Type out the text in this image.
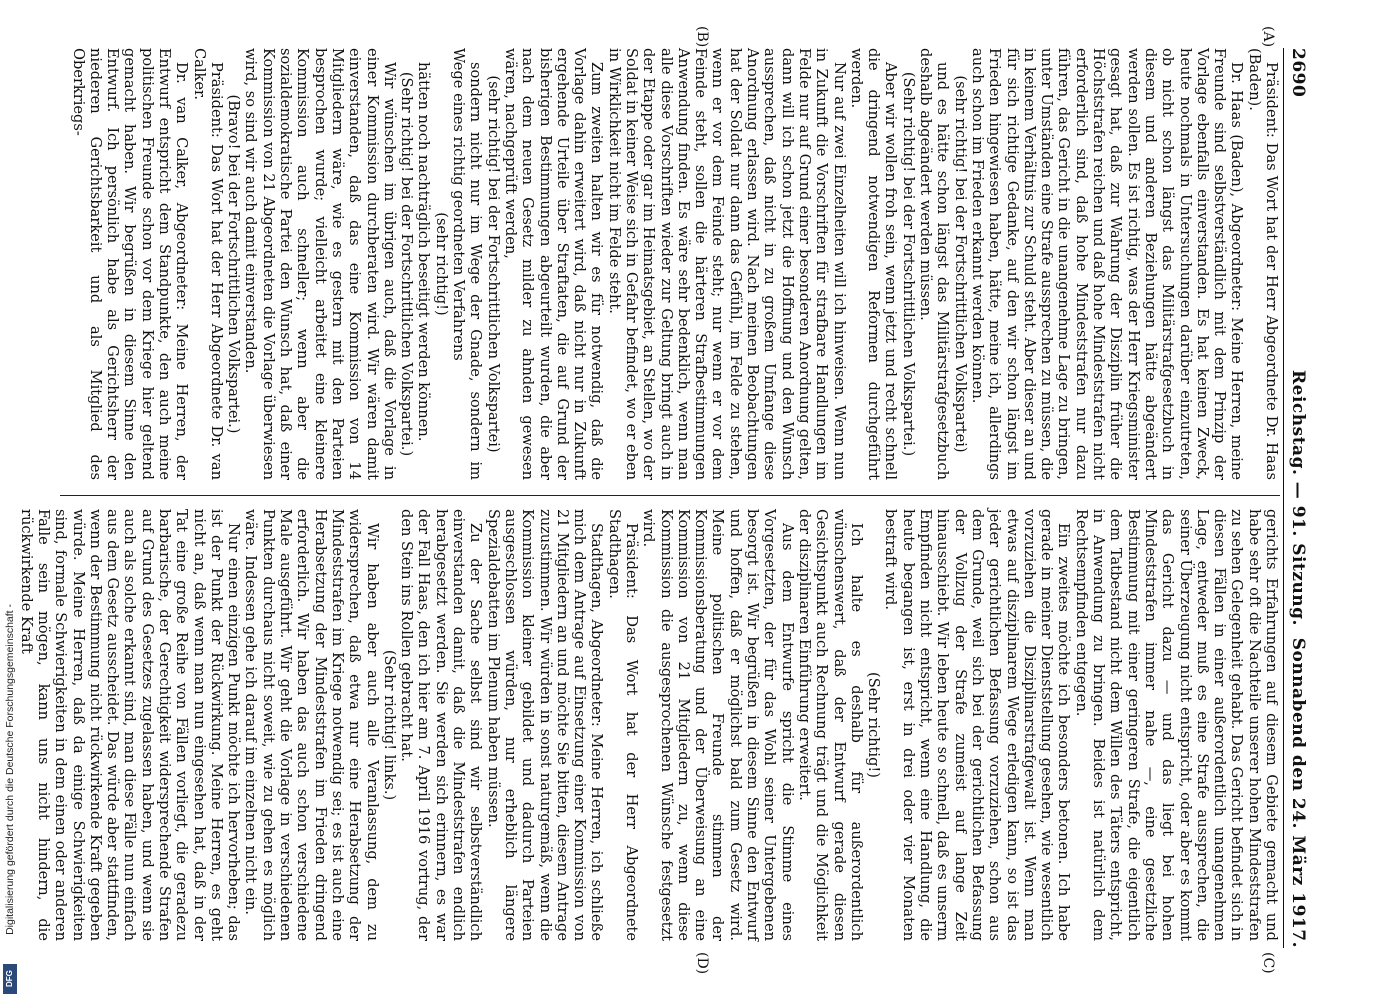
2690
Reichstag. — 91. Sitzung.
Sonnabend den 24. März 1917.

Präsident: Das Wort hat der Herr Abgeordnete Dr. Haas (Baden).

Dr. Haas (Baden), Abgeordneter: Meine Herren, meine Freunde sind selbstverständlich mit dem Prinzip der Vorlage ebenfalls einverstanden. Es hat keinen Zweck, heute nochmals in Untersuchungen darüber einzutreten, ob nicht schon längst das Militärstrafgesetzbuch in diesem und anderen Beziehungen hätte abgeändert werden sollen. Es ist richtig, was der Herr Kriegsminister gesagt hat, daß zur Wahrung der Disziplin früher die Höchststrafen reichen und daß hohe Mindeststrafen nicht erforderlich sind, daß hohe Mindeststrafen nur dazu führen, das Gericht in die unangenehme Lage zu bringen, unter Umständen eine Strafe aussprechen zu müssen, die in keinem Verhältnis zur Schuld steht. Aber dieser an und für sich richtige Gedanke, auf den wir schon längst im Frieden hingewiesen haben, hätte, meine ich, allerdings auch schon im Frieden erkannt werden können.

(sehr richtig! bei der Fortschrittlichen Volkspartei)

und es hätte schon längst das Militärstrafgesetzbuch deshalb abgeändert werden müssen.

(Sehr richtig! bei der Fortschrittlichen Volkspartei.)

Aber wir wollen froh sein, wenn jetzt und recht schnell die dringend notwendigen Reformen durchgeführt werden.

Nur auf zwei Einzelheiten will ich hinweisen. Wenn nun in Zukunft die Vorschriften für strafbare Handlungen im Felde nur auf Grund einer besonderen Anordnung gelten, dann will ich schon jetzt die Hoffnung und den Wunsch aussprechen, daß nicht in zu großem Umfange diese Anordnung erlassen wird. Nach meinen Beobachtungen hat der Soldat nur dann das Gefühl, im Felde zu stehen, wenn er vor dem Feinde steht; nur wenn er vor dem Feinde steht, sollen die härteren Strafbestimmungen Anwendung finden. Es wäre sehr bedenklich, wenn man alle diese Vorschriften wieder zur Geltung bringt auch in der Etappe oder gar im Heimatsgebiet, an Stellen, wo der Soldat in keiner Weise sich in Gefahr befindet, wo er eben in Wirklichkeit nicht im Felde steht.

Zum zweiten halten wir es für notwendig, daß die Vorlage dahin erweitert wird, daß nicht nur in Zukunft ergehende Urteile über Straftaten, die auf Grund der bisherigen Bestimmungen abgeurteilt wurden, die aber nach dem neuen Gesetz milder zu ahnden gewesen wären, nachgeprüft werden,

(sehr richtig! bei der Fortschrittlichen Volkspartei)

sondern nicht nur im Wege der Gnade, sondern im Wege eines richtig geordneten Verfahrens

(sehr richtig!)

hätten noch nachträglich beseitigt werden können.

(Sehr richtig! bei der Fortschrittlichen Volkspartei.)

Wir wünschen im übrigen auch, daß die Vorlage in einer Kommission durchberaten wird. Wir wären damit einverstanden, daß das eine Kommission von 14 Mitgliedern wäre, wie es gestern mit den Parteien besprochen wurde; vielleicht arbeitet eine kleinere Kommission auch schneller; wenn aber die sozialdemokratische Partei den Wunsch hat, daß einer Kommission von 21 Abgeordneten die Vorlage überwiesen wird, so sind wir auch damit einverstanden.

(Bravo! bei der Fortschrittlichen Volkspartei.)

Präsident: Das Wort hat der Herr Abgeordnete Dr. van Calker.

Dr. van Calker, Abgeordneter: Meine Herren, der Entwurf entspricht dem Standpunkte, den auch meine politischen Freunde schon vor dem Kriege hier geltend gemacht haben. Wir begrüßen in diesem Sinne den Entwurf. Ich persönlich habe als Gerichtsherr der niederen Gerichtsbarkeit und als Mitglied des Oberkriegs-

gerichts Erfahrungen auf diesem Gebiete gemacht und habe sehr oft die Nachteile unserer hohen Mindeststrafen zu sehen Gelegenheit gehabt. Das Gericht befindet sich in diesen Fällen in einer außerordentlich unangenehmen Lage, entweder muß es eine Strafe aussprechen, die seiner Überzeugung nicht entspricht, oder aber es kommt das Gericht dazu — und das liegt bei hohen Mindeststrafen immer nahe —, eine gesetzliche Bestimmung mit einer geringeren Strafe, die eigentlich dem Tatbestand nicht dem Willen des Täters entspricht, in Anwendung zu bringen. Beides ist natürlich dem Rechtsempfinden entgegen.

Ein zweites möchte ich besonders betonen. Ich habe gerade in meiner Dienststellung gesehen, wie wesentlich vorzuziehen die Disziplinarstrafgewalt ist. Wenn man etwas auf disziplinarem Wege erledigen kann, so ist das jeder gerichtlichen Befassung vorzuziehen, schon aus dem Grunde, weil sich bei der gerichtlichen Befassung der Vollzug der Strafe zumeist auf lange Zeit hinausschiebt. Wir leben heute so schnell, daß es unserm Empfinden nicht entspricht, wenn eine Handlung, die heute begangen ist, erst in drei oder vier Monaten bestraft wird.

(Sehr richtig!)

Ich halte es deshalb für außerordentlich wünschenswert, daß der Entwurf gerade diesen Gesichtspunkt auch Rechnung trägt und die Möglichkeit der disziplinaren Einführung erweitert.

Aus dem Entwurfe spricht die Stimme eines Vorgesetzten, der für das Wohl seiner Untergebenen besorgt ist. Wir begrüßen in diesem Sinne den Entwurf und hoffen, daß er möglichst bald zum Gesetz wird. Meine politischen Freunde stimmen der Kommissionsberatung und der Überweisung an eine Kommission von 21 Mitgliedern zu, wenn diese Kommission die ausgesprochenen Wünsche festgesetzt wird.

Präsident: Das Wort hat der Herr Abgeordnete Stadthagen.

Stadthagen, Abgeordneter: Meine Herren, ich schließe mich dem Antrage auf Einsetzung einer Kommission von 21 Mitgliedern an und möchte Sie bitten, diesem Antrage zuzustimmen. Wir würden in sonst naturgemäß, wenn die Kommission kleiner gebildet und dadurch Parteien ausgeschlossen würden, nur erheblich längere Spezialdebatten im Plenum haben müssen.

Zu der Sache selbst sind wir selbstverständlich einverstanden damit, daß die Mindeststrafen endlich herabgesetzt werden. Sie werden sich erinnern, es war der Fall Haas, den ich hier am 7. April 1916 vortrug, der den Stein ins Rollen gebracht hat.

(Sehr richtig! links.)

Wir haben aber auch alle Veranlassung, dem zu widersprechen, daß etwa nur eine Herabsetzung der Mindeststrafen im Kriege notwendig sei; es ist auch eine Herabsetzung der Mindeststrafen im Frieden dringend erforderlich. Wir haben das auch schon verschiedene Male ausgeführt. Wir geht die Vorlage in verschiedenen Punkten durchaus nicht soweit, wie zu gehen es möglich wäre. Indessen gehe ich darauf im einzelnen nicht ein.

Nur einen einzigen Punkt möchte ich hervorheben; das ist der Punkt der Rückwirkung. Meine Herren, es geht nicht an, daß wenn man nun eingesehen hat, daß in der Tat eine große Reihe von Fällen vorliegt, die geradezu barbarische, der Gerechtigkeit widersprechende Strafen auf Grund des Gesetzes zugelassen haben, und wenn sie auch als solche erkannt sind, man diese Fälle nun einfach aus dem Gesetz ausscheidet. Das würde aber stattfinden, wenn der Bestimmung nicht rückwirkende Kraft gegeben würde. Meine Herren, daß da einige Schwierigkeiten sind, formale Schwierigkeiten in dem einen oder anderen Falle sein mögen, kann uns nicht hindern, die rückwirkende Kraft

(A)
(B)
(C)
(D)
Digitalisierung gefördert durch die Deutsche Forschungsgemeinschaft -
DFG
